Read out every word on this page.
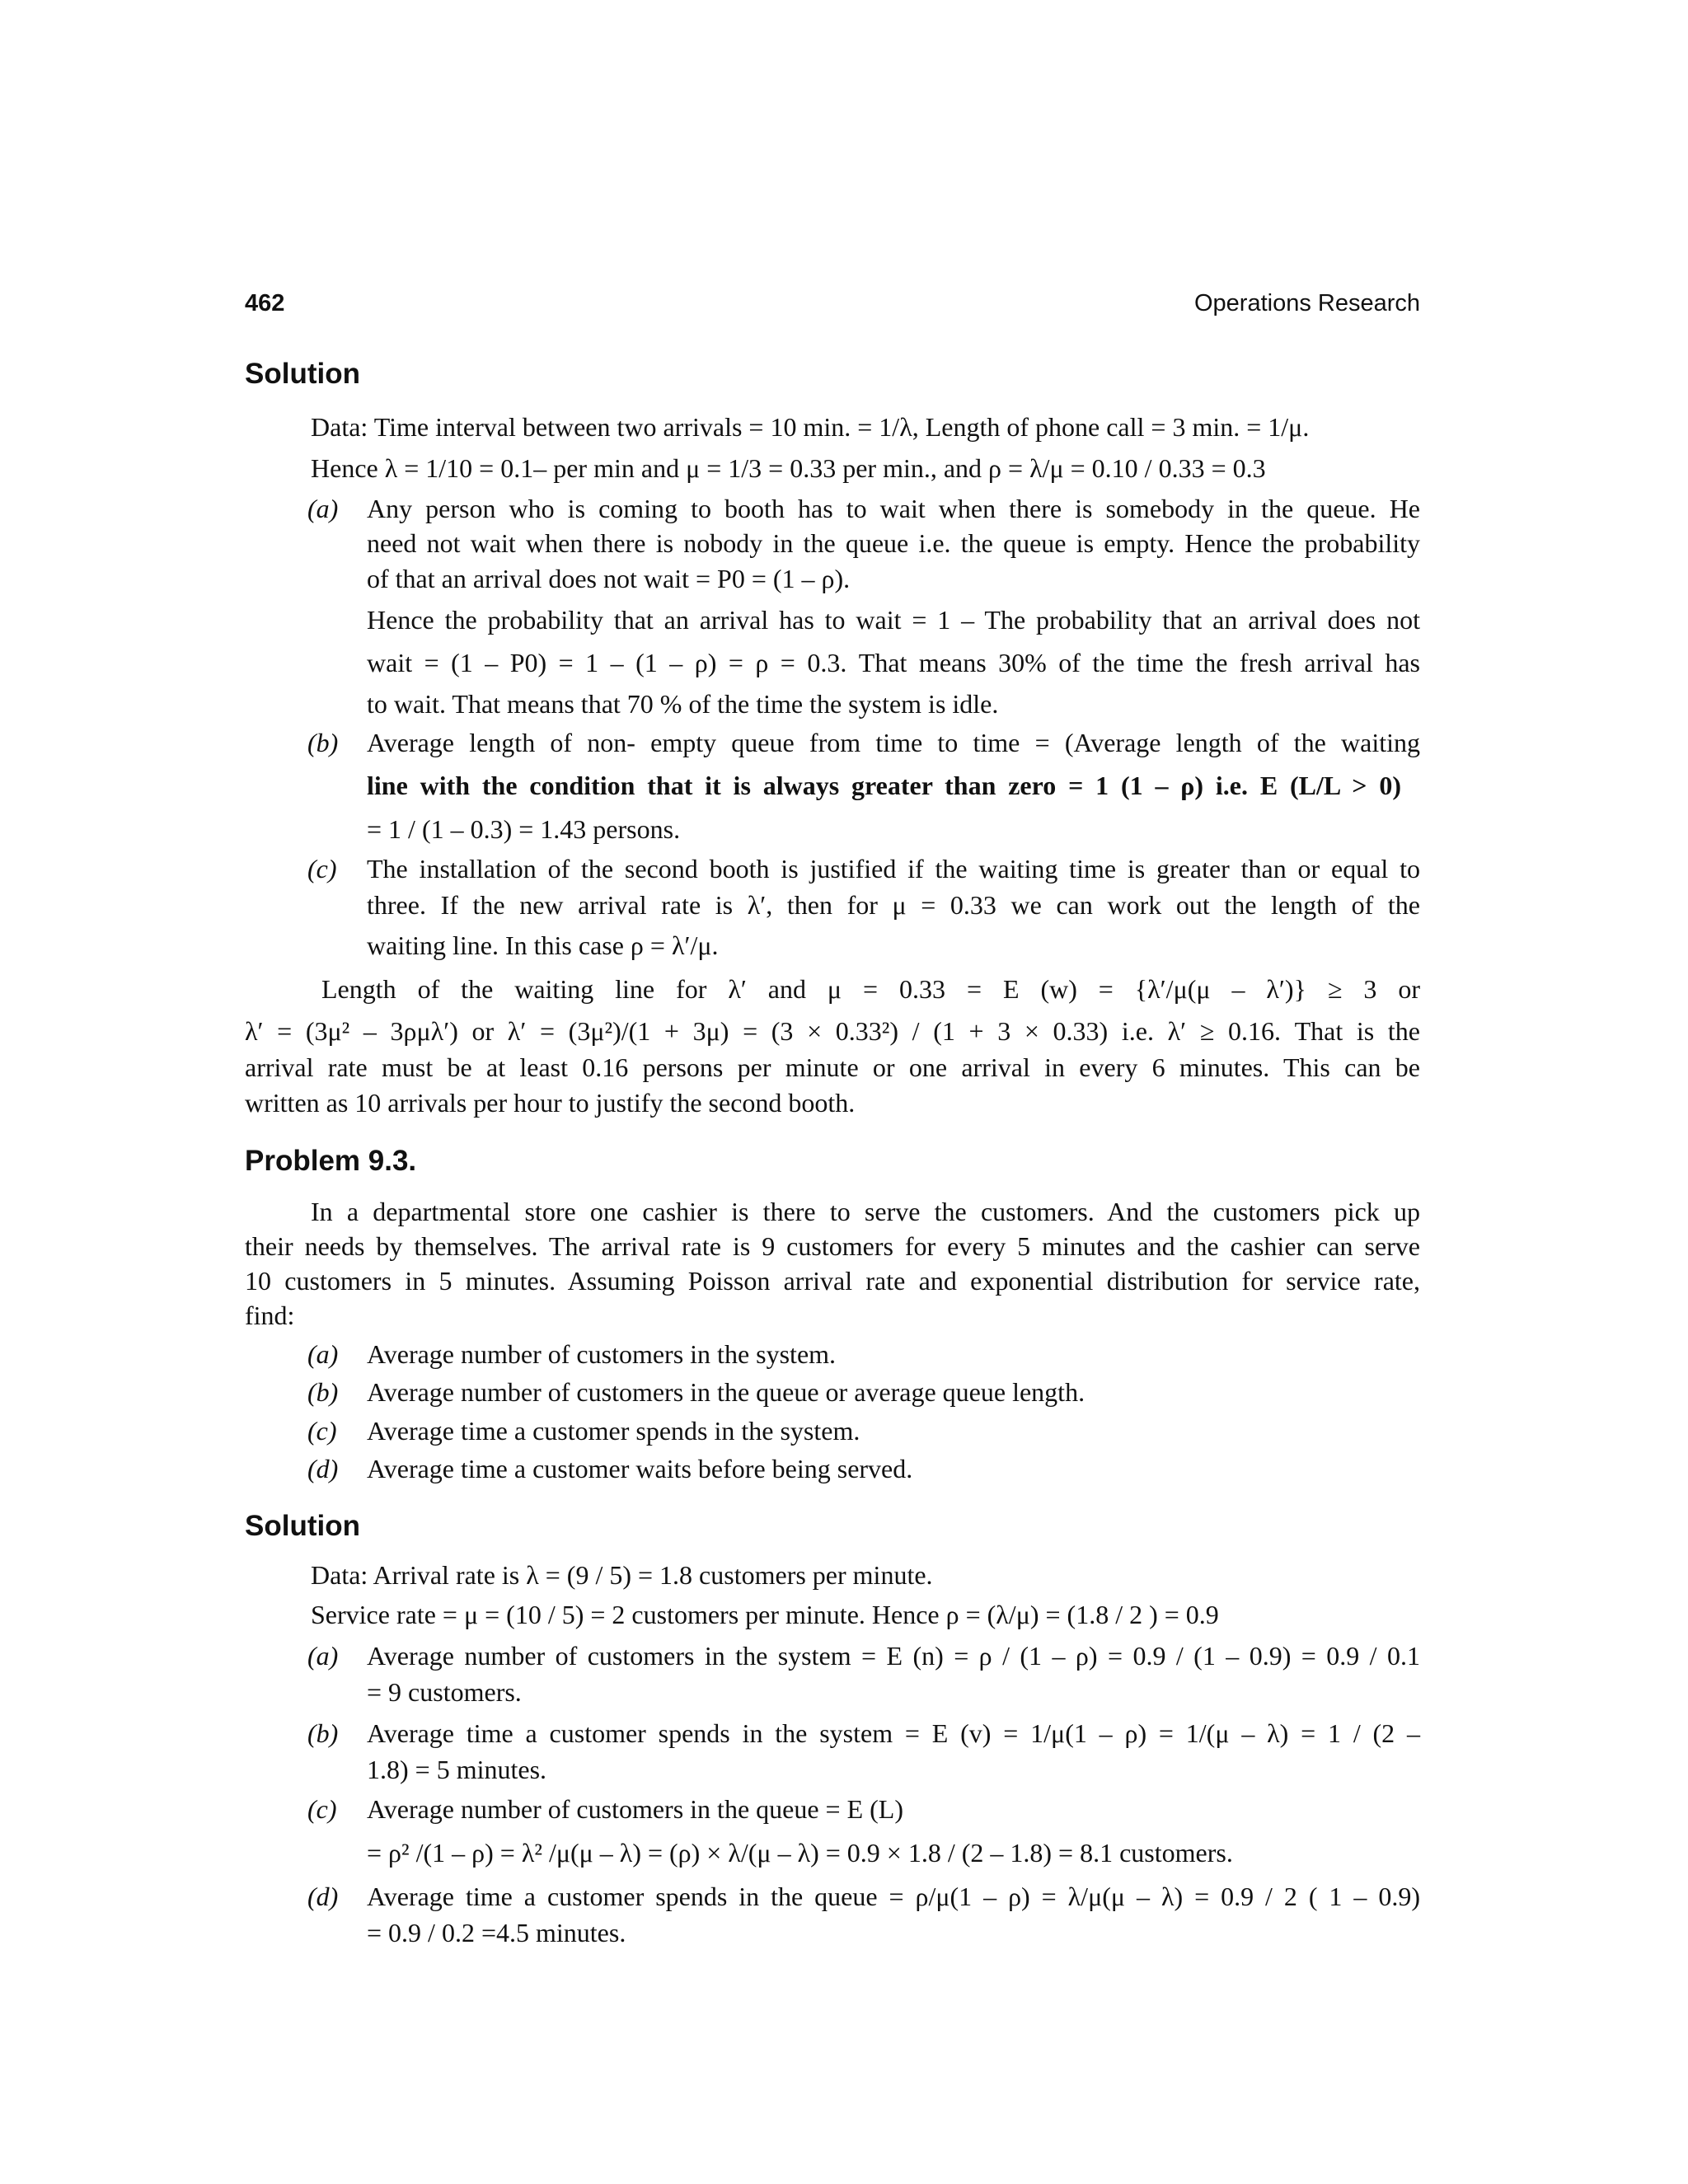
462	Operations Research
Solution
Data: Time interval between two arrivals = 10 min. = 1/λ, Length of phone call = 3 min. = 1/μ.
Hence λ = 1/10 = 0.1– per min and μ = 1/3 = 0.33 per min., and ρ = λ/μ = 0.10 / 0.33 = 0.3
(a) Any person who is coming to booth has to wait when there is somebody in the queue. He
need not wait when there is nobody in the queue i.e. the queue is empty. Hence the probability
of that an arrival does not wait = P0 = (1 – ρ).
Hence the probability that an arrival has to wait = 1 – The probability that an arrival does not
wait = (1 – P0) = 1 – (1 – ρ) = ρ = 0.3. That means 30% of the time the fresh arrival has
to wait. That means that 70 % of the time the system is idle.
(b) Average length of non- empty queue from time to time = (Average length of the waiting
line with the condition that it is always greater than zero = 1 (1 – ρ) i.e. E (L/L > 0)
= 1 / (1 – 0.3) = 1.43 persons.
(c) The installation of the second booth is justified if the waiting time is greater than or equal to
three. If the new arrival rate is λ′, then for μ = 0.33 we can work out the length of the
waiting line. In this case ρ = λ′/μ.
Length of the waiting line for λ′ and μ = 0.33 = E (w) = {λ′/μ(μ – λ′)} ≥ 3 or
λ′ = (3μ² – 3ρμλ′) or λ′ = (3μ²)/(1 + 3μ) = (3 × 0.33²) / (1 + 3 × 0.33) i.e. λ′ ≥ 0.16. That is the
arrival rate must be at least 0.16 persons per minute or one arrival in every 6 minutes. This can be
written as 10 arrivals per hour to justify the second booth.
Problem 9.3.
In a departmental store one cashier is there to serve the customers. And the customers pick up
their needs by themselves. The arrival rate is 9 customers for every 5 minutes and the cashier can serve
10 customers in 5 minutes. Assuming Poisson arrival rate and exponential distribution for service rate,
find:
(a) Average number of customers in the system.
(b) Average number of customers in the queue or average queue length.
(c) Average time a customer spends in the system.
(d) Average time a customer waits before being served.
Solution
Data: Arrival rate is λ = (9 / 5) = 1.8 customers per minute.
Service rate = μ = (10 / 5) = 2 customers per minute. Hence ρ = (λ/μ) = (1.8 / 2 ) = 0.9
(a) Average number of customers in the system = E (n) = ρ / (1 – ρ) = 0.9 / (1 – 0.9) = 0.9 / 0.1
= 9 customers.
(b) Average time a customer spends in the system = E (v) = 1/μ(1 – ρ) = 1/(μ – λ) = 1 / (2 –
1.8) = 5 minutes.
(c) Average number of customers in the queue = E (L)
= ρ² /(1 – ρ) = λ² /μ(μ – λ) = (ρ) × λ/(μ – λ) = 0.9 × 1.8 / (2 – 1.8) = 8.1 customers.
(d) Average time a customer spends in the queue = ρ/μ(1 – ρ) = λ/μ(μ – λ) = 0.9 / 2 ( 1 – 0.9)
= 0.9 / 0.2 =4.5 minutes.
